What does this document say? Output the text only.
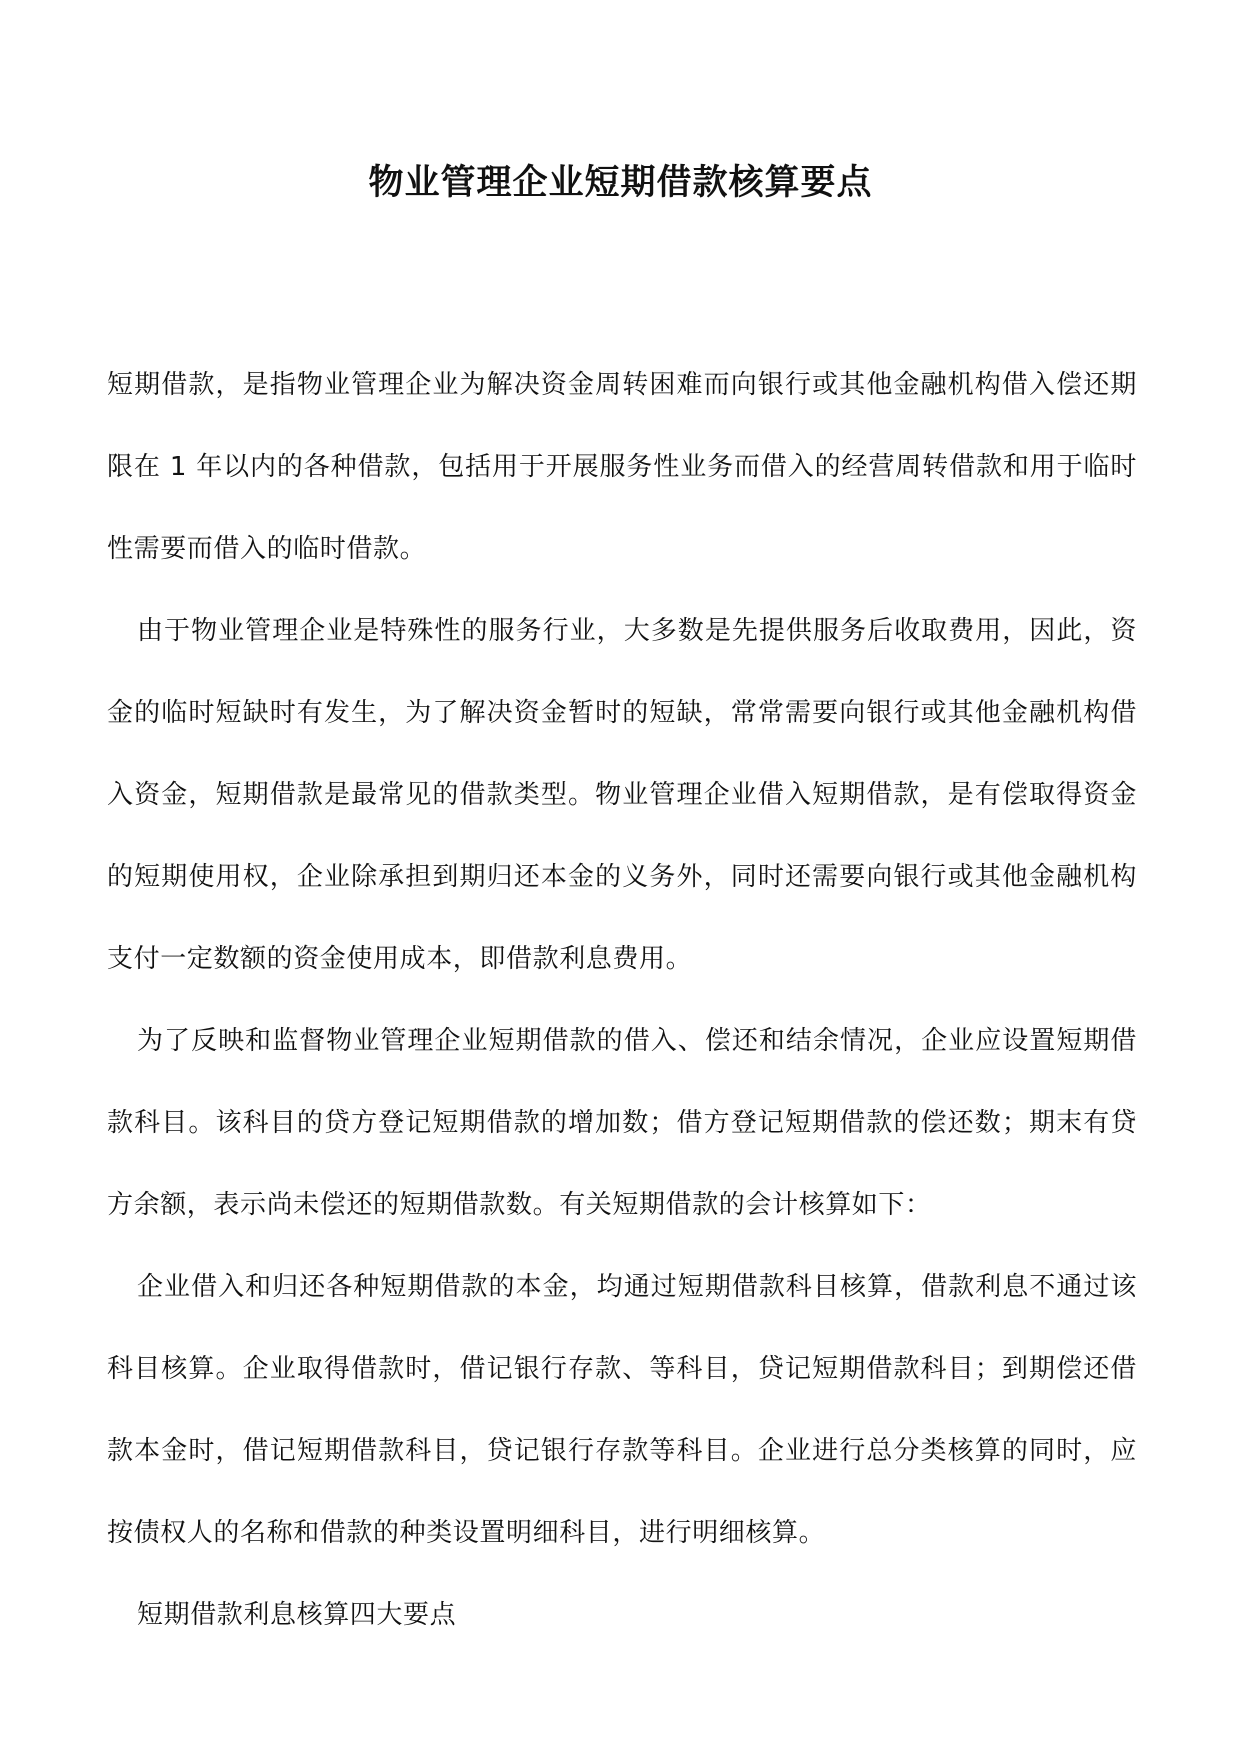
物业管理企业短期借款核算要点

短期借款，是指物业管理企业为解决资金周转困难而向银行或其他金融机构借入偿还期限在 1 年以内的各种借款，包括用于开展服务性业务而借入的经营周转借款和用于临时性需要而借入的临时借款。

由于物业管理企业是特殊性的服务行业，大多数是先提供服务后收取费用，因此，资金的临时短缺时有发生，为了解决资金暂时的短缺，常常需要向银行或其他金融机构借入资金，短期借款是最常见的借款类型。物业管理企业借入短期借款，是有偿取得资金的短期使用权，企业除承担到期归还本金的义务外，同时还需要向银行或其他金融机构支付一定数额的资金使用成本，即借款利息费用。

为了反映和监督物业管理企业短期借款的借入、偿还和结余情况，企业应设置短期借款科目。该科目的贷方登记短期借款的增加数；借方登记短期借款的偿还数；期末有贷方余额，表示尚未偿还的短期借款数。有关短期借款的会计核算如下：

企业借入和归还各种短期借款的本金，均通过短期借款科目核算，借款利息不通过该科目核算。企业取得借款时，借记银行存款、等科目，贷记短期借款科目；到期偿还借款本金时，借记短期借款科目，贷记银行存款等科目。企业进行总分类核算的同时，应按债权人的名称和借款的种类设置明细科目，进行明细核算。

短期借款利息核算四大要点
